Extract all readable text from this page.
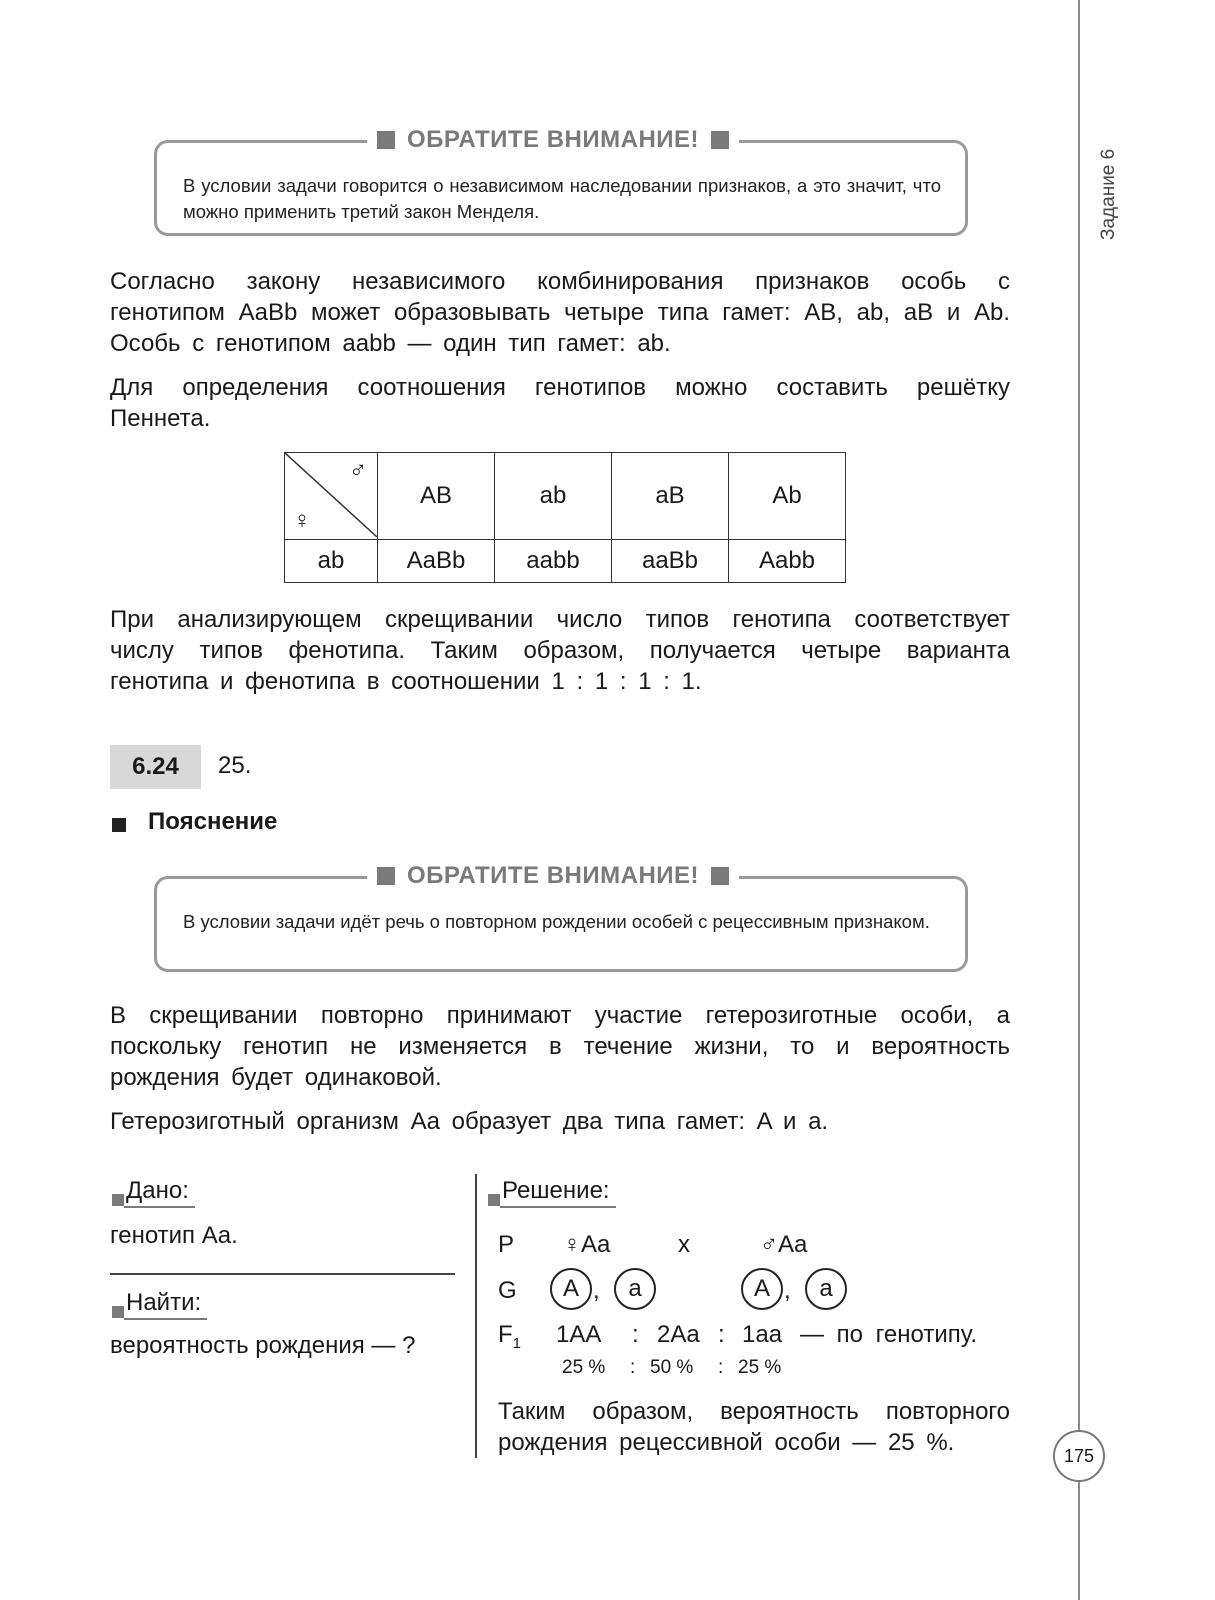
Задание 6
175
ОБРАТИТЕ ВНИМАНИЕ!
В условии задачи говорится о независимом наследовании признаков, а это значит, что можно применить третий закон Менделя.
Согласно закону независимого комбинирования признаков особь с генотипом AaBb может образовывать четыре типа гамет: AB, ab, aB и Ab. Особь с генотипом aabb — один тип гамет: ab.
Для определения соотношения генотипов можно составить решётку Пеннета.
♂
♀	AB	ab	aB	Ab
ab	AaBb	aabb	aaBb	Aabb
При анализирующем скрещивании число типов генотипа соответствует числу типов фенотипа. Таким образом, получается четыре варианта генотипа и фенотипа в соотношении 1 : 1 : 1 : 1.
6.24	25.
Пояснение
ОБРАТИТЕ ВНИМАНИЕ!
В условии задачи идёт речь о повторном рождении особей с рецессивным признаком.
В скрещивании повторно принимают участие гетерозиготные особи, а поскольку генотип не изменяется в течение жизни, то и вероятность рождения будет одинаковой.
Гетерозиготный организм Aa образует два типа гамет: A и a.
Дано:
генотип Aa.
Найти:
вероятность рождения — ?
Решение:
P ♀Aa	x	♂Aa
G	A ,	a	A ,	a
$F_1$ 1AA : 2Aa : 1aa — по генотипу.
25 % : 50 % : 25 %
Таким образом, вероятность повторного рождения рецессивной особи — 25 %.
